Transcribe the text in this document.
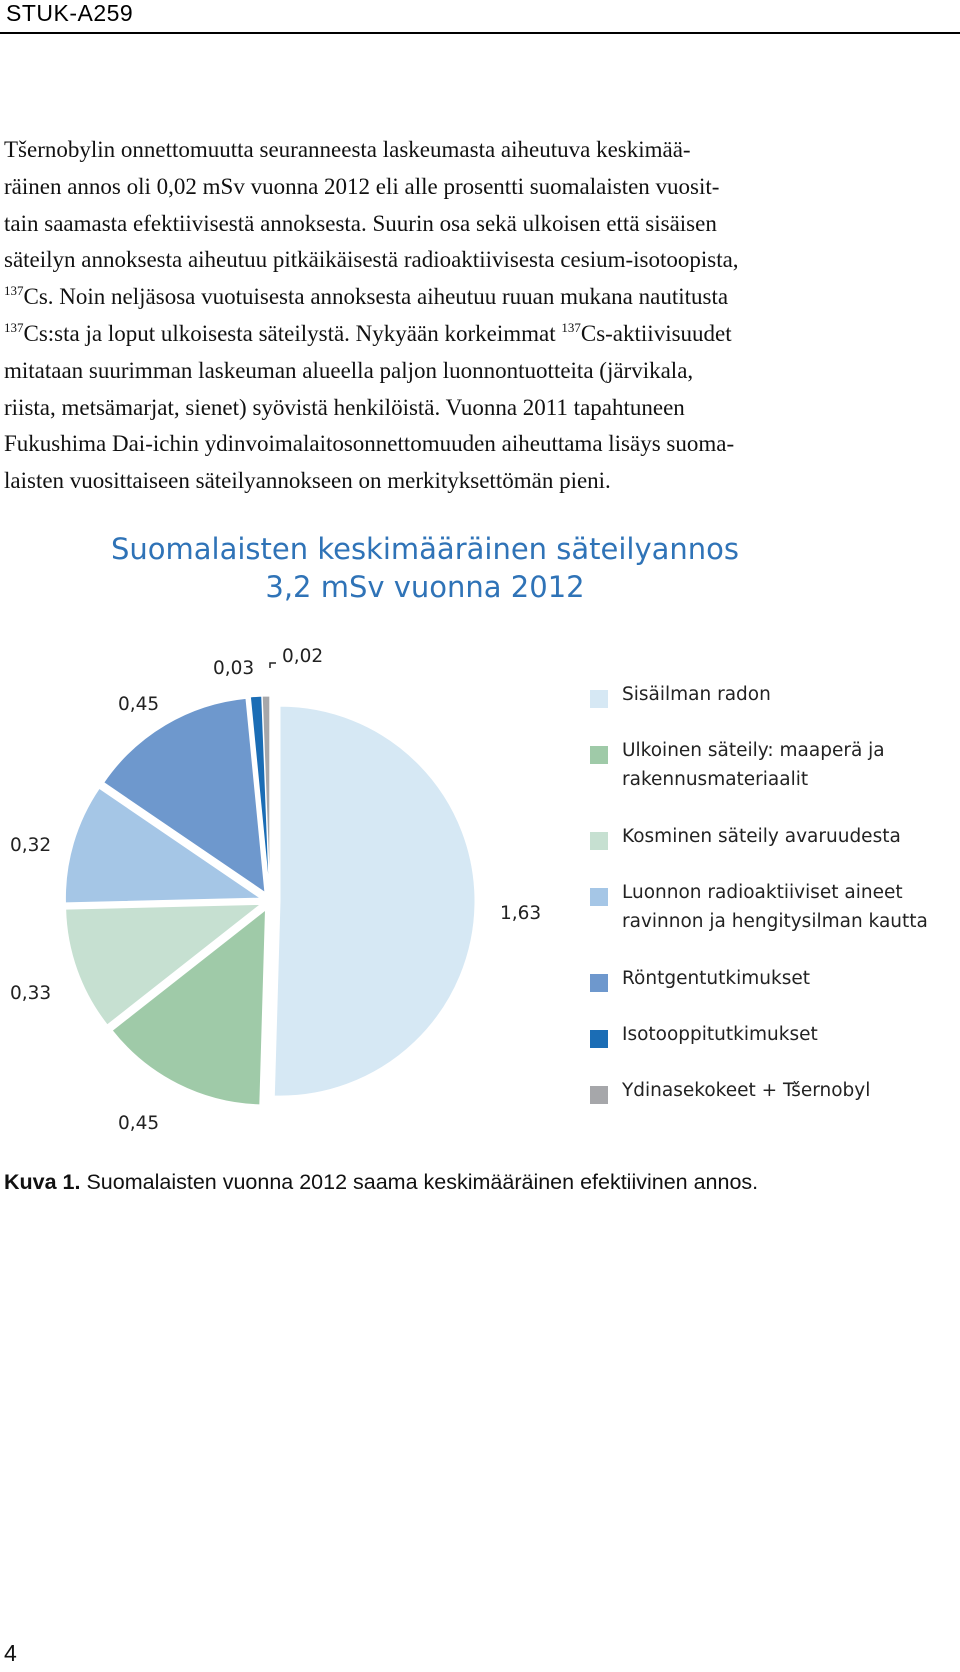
STUK-A259
Tšernobylin onnettomuutta seuranneesta laskeumasta aiheutuva keskimää-
räinen annos oli 0,02 mSv vuonna 2012 eli alle prosentti suomalaisten vuosit-
tain saamasta efektiivisestä annoksesta. Suurin osa sekä ulkoisen että sisäisen
säteilyn annoksesta aiheutuu pitkäikäisestä radioaktiivisesta cesium-isotoopista,
$^{137}$Cs. Noin neljäsosa vuotuisesta annoksesta aiheutuu ruuan mukana nautitusta
$^{137}$Cs:sta ja loput ulkoisesta säteilystä. Nykyään korkeimmat $^{137}$Cs-aktiivisuudet
mitataan suurimman laskeuman alueella paljon luonnontuotteita (järvikala,
riista, metsämarjat, sienet) syövistä henkilöistä. Vuonna 2011 tapahtuneen
Fukushima Dai-ichin ydinvoimalaitosonnettomuuden aiheuttama lisäys suoma-
laisten vuosittaiseen säteilyannokseen on merkityksettömän pieni.
Suomalaisten keskimääräinen säteilyannos
3,2 mSv vuonna 2012
1,63
0,45
0,33
0,32
0,45
0,03
0,02
Sisäilman radon
Ulkoinen säteily: maaperä ja
rakennusmateriaalit
Kosminen säteily avaruudesta
Luonnon radioaktiiviset aineet
ravinnon ja hengitysilman kautta
Röntgentutkimukset
Isotooppitutkimukset
Ydinasekokeet + Tšernobyl
Kuva 1. Suomalaisten vuonna 2012 saama keskimääräinen efektiivinen annos.
4
